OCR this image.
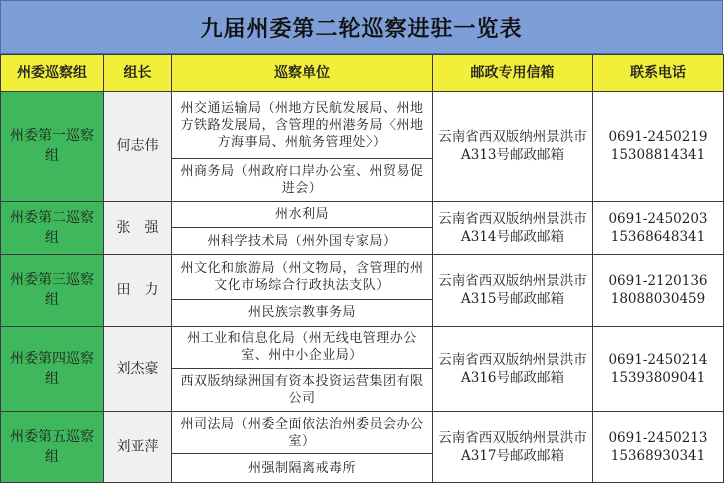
九届州委第二轮巡察进驻一览表
州委巡察组	组长	巡察单位	邮政专用信箱	联系电话
州委第一巡察组	何志伟	州交通运输局（州地方民航发展局、州地方铁路发展局，含管理的州港务局〈州地方海事局、州航务管理处〉）	云南省西双版纳州景洪市A313号邮政邮箱	0691-2450219
15308814341

		州商务局（州政府口岸办公室、州贸易促进会）		
州委第二巡察组	张　强	州水利局	云南省西双版纳州景洪市A314号邮政邮箱	0691-2450203
15368648341

		州科学技术局（州外国专家局）		
州委第三巡察组	田　力	州文化和旅游局（州文物局，含管理的州文化市场综合行政执法支队）	云南省西双版纳州景洪市A315号邮政邮箱	0691-2120136
18088030459

		州民族宗教事务局		
州委第四巡察组	刘杰豪	州工业和信息化局（州无线电管理办公室、州中小企业局）	云南省西双版纳州景洪市A316号邮政邮箱	0691-2450214
15393809041

		西双版纳绿洲国有资本投资运营集团有限公司		
州委第五巡察组	刘亚萍	州司法局（州委全面依法治州委员会办公室）	云南省西双版纳州景洪市A317号邮政邮箱	0691-2450213
15368930341

		州强制隔离戒毒所		
